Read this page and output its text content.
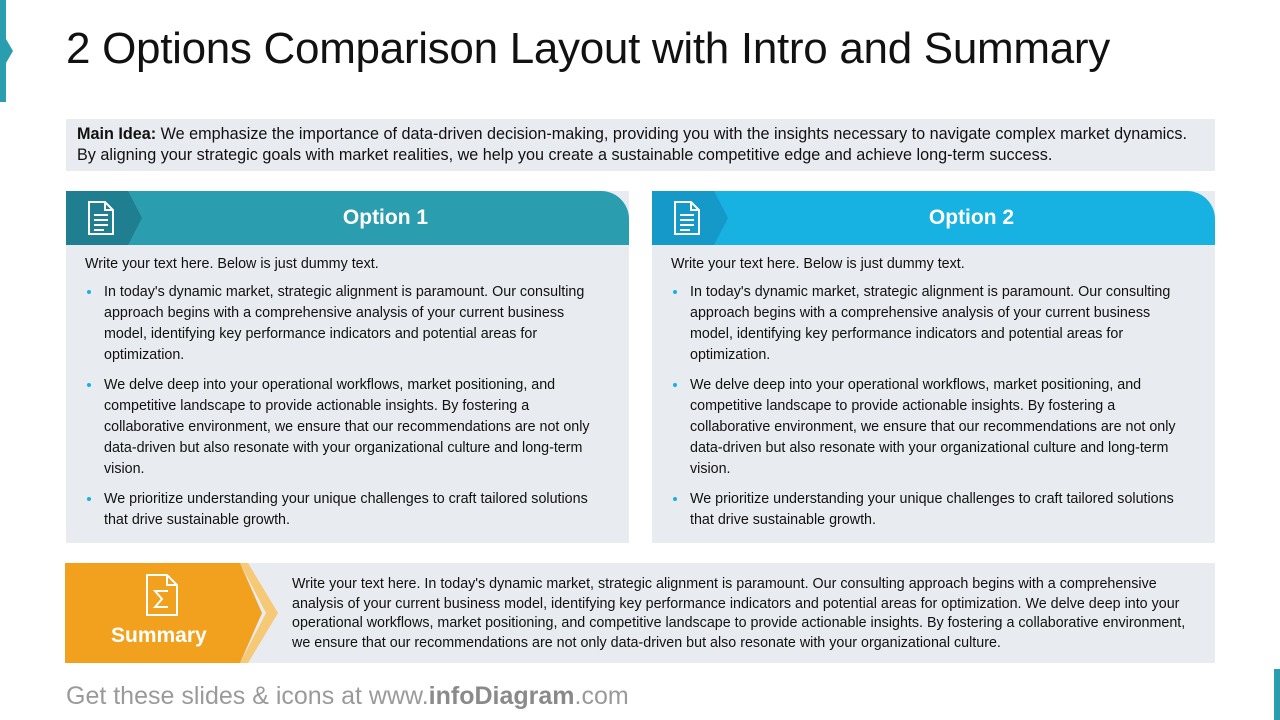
2 Options Comparison Layout with Intro and Summary
Main Idea: We emphasize the importance of data-driven decision-making, providing you with the insights necessary to navigate complex market dynamics. By aligning your strategic goals with market realities, we help you create a sustainable competitive edge and achieve long-term success.
Option 1

Write your text here. Below is just dummy text.

In today's dynamic market, strategic alignment is paramount. Our consulting approach begins with a comprehensive analysis of your current business model, identifying key performance indicators and potential areas for optimization.
We delve deep into your operational workflows, market positioning, and competitive landscape to provide actionable insights. By fostering a collaborative environment, we ensure that our recommendations are not only data-driven but also resonate with your organizational culture and long-term vision.
We prioritize understanding your unique challenges to craft tailored solutions that drive sustainable growth.
Option 2

Write your text here. Below is just dummy text.

In today's dynamic market, strategic alignment is paramount. Our consulting approach begins with a comprehensive analysis of your current business model, identifying key performance indicators and potential areas for optimization.
We delve deep into your operational workflows, market positioning, and competitive landscape to provide actionable insights. By fostering a collaborative environment, we ensure that our recommendations are not only data-driven but also resonate with your organizational culture and long-term vision.
We prioritize understanding your unique challenges to craft tailored solutions that drive sustainable growth.
Summary
Write your text here. In today's dynamic market, strategic alignment is paramount. Our consulting approach begins with a comprehensive analysis of your current business model, identifying key performance indicators and potential areas for optimization. We delve deep into your operational workflows, market positioning, and competitive landscape to provide actionable insights. By fostering a collaborative environment, we ensure that our recommendations are not only data-driven but also resonate with your organizational culture.
Get these slides & icons at www.infoDiagram.com
